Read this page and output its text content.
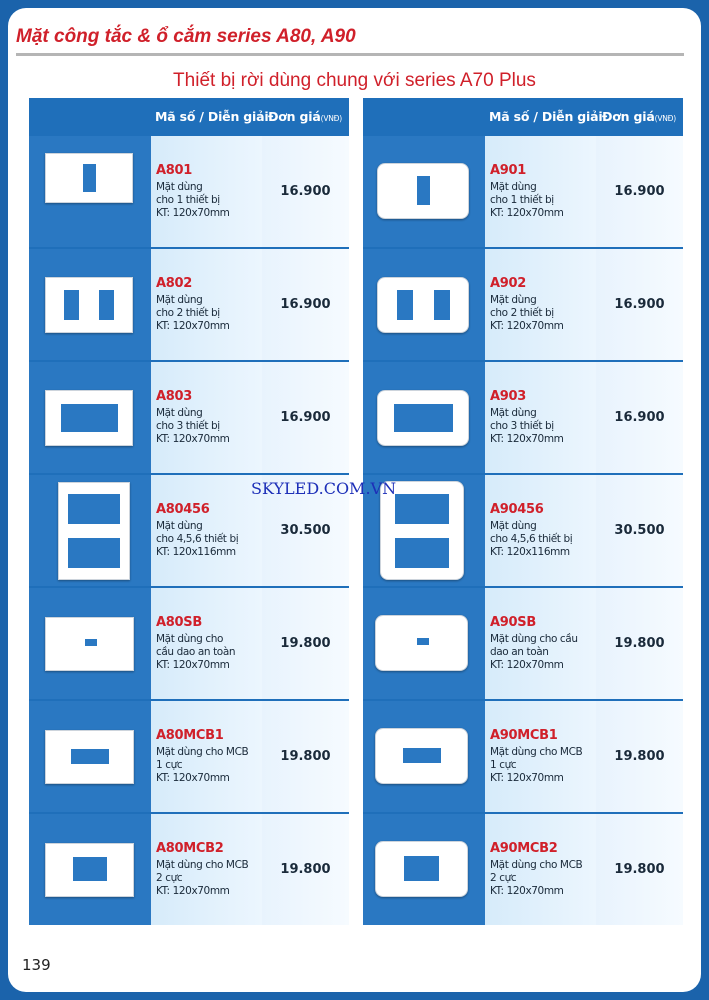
Mặt công tắc & ổ cắm series A80, A90
Thiết bị rời dùng chung với series A70 Plus
Mã số / Diễn giải Đơn giá(VNĐ)
A801
Mặt dùng
cho 1 thiết bị
KT: 120x70mm
16.900
A802
Mặt dùng
cho 2 thiết bị
KT: 120x70mm
16.900
A803
Mặt dùng
cho 3 thiết bị
KT: 120x70mm
16.900
A80456
Mặt dùng
cho 4,5,6 thiết bị
KT: 120x116mm
30.500
A80SB
Mặt dùng cho
cầu dao an toàn
KT: 120x70mm
19.800
A80MCB1
Mặt dùng cho MCB
1 cực
KT: 120x70mm
19.800
A80MCB2
Mặt dùng cho MCB
2 cực
KT: 120x70mm
19.800
Mã số / Diễn giải Đơn giá(VNĐ)
A901
Mặt dùng
cho 1 thiết bị
KT: 120x70mm
16.900
A902
Mặt dùng
cho 2 thiết bị
KT: 120x70mm
16.900
A903
Mặt dùng
cho 3 thiết bị
KT: 120x70mm
16.900
A90456
Mặt dùng
cho 4,5,6 thiết bị
KT: 120x116mm
30.500
A90SB
Mặt dùng cho cầu
dao an toàn
KT: 120x70mm
19.800
A90MCB1
Mặt dùng cho MCB
1 cực
KT: 120x70mm
19.800
A90MCB2
Mặt dùng cho MCB
2 cực
KT: 120x70mm
19.800
SKYLED.COM.VN
139
